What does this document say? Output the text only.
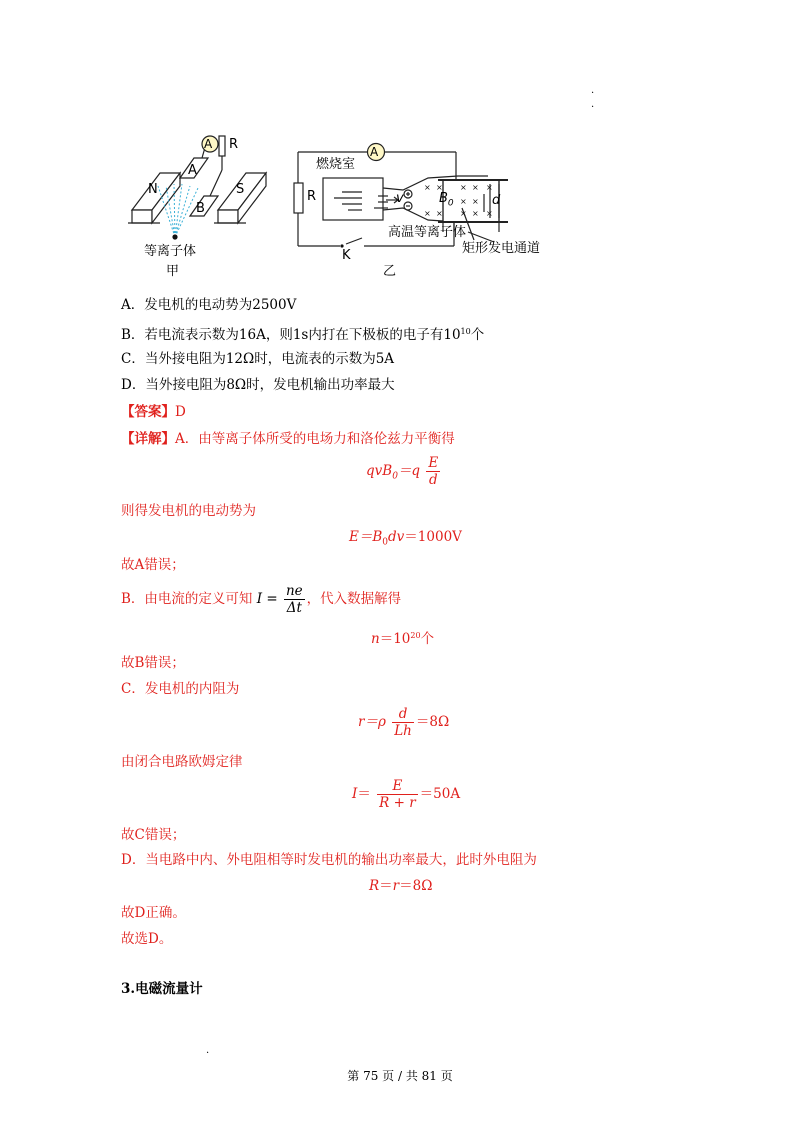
.
.
.
× × × × ×
× ×
× × × × ×
A R
N	S
A
B
等离子体
甲
A
R
燃烧室
v	$B_0$	d
高温等离子体
K	矩形发电通道
乙
A．发电机的电动势为2500V
B．若电流表示数为16A，则1s内打在下极板的电子有$10^{10}$个
C．当外接电阻为12Ω时，电流表的示数为5A
D．当外接电阻为8Ω时，发电机输出功率最大
【答案】D
【详解】A．由等离子体所受的电场力和洛伦兹力平衡得
$qvB_0=q \frac{E}{d}$
则得发电机的电动势为
$E=B_0dv=1000V$
故A错误；
B．由电流的定义可知 $I = \frac{ne}{\Delta t}$ ，代入数据解得
$n=10^{20}$个
故B错误；
C．发电机的内阻为
$r=\rho \frac{d}{Lh} =8\Omega$
由闭合电路欧姆定律
$I= \frac{E}{R + r} =50A$
故C错误；
D．当电路中内、外电阻相等时发电机的输出功率最大，此时外电阻为
R＝r＝8Ω
故D正确。
故选D。
3.电磁流量计
第 75 页 / 共 81 页
